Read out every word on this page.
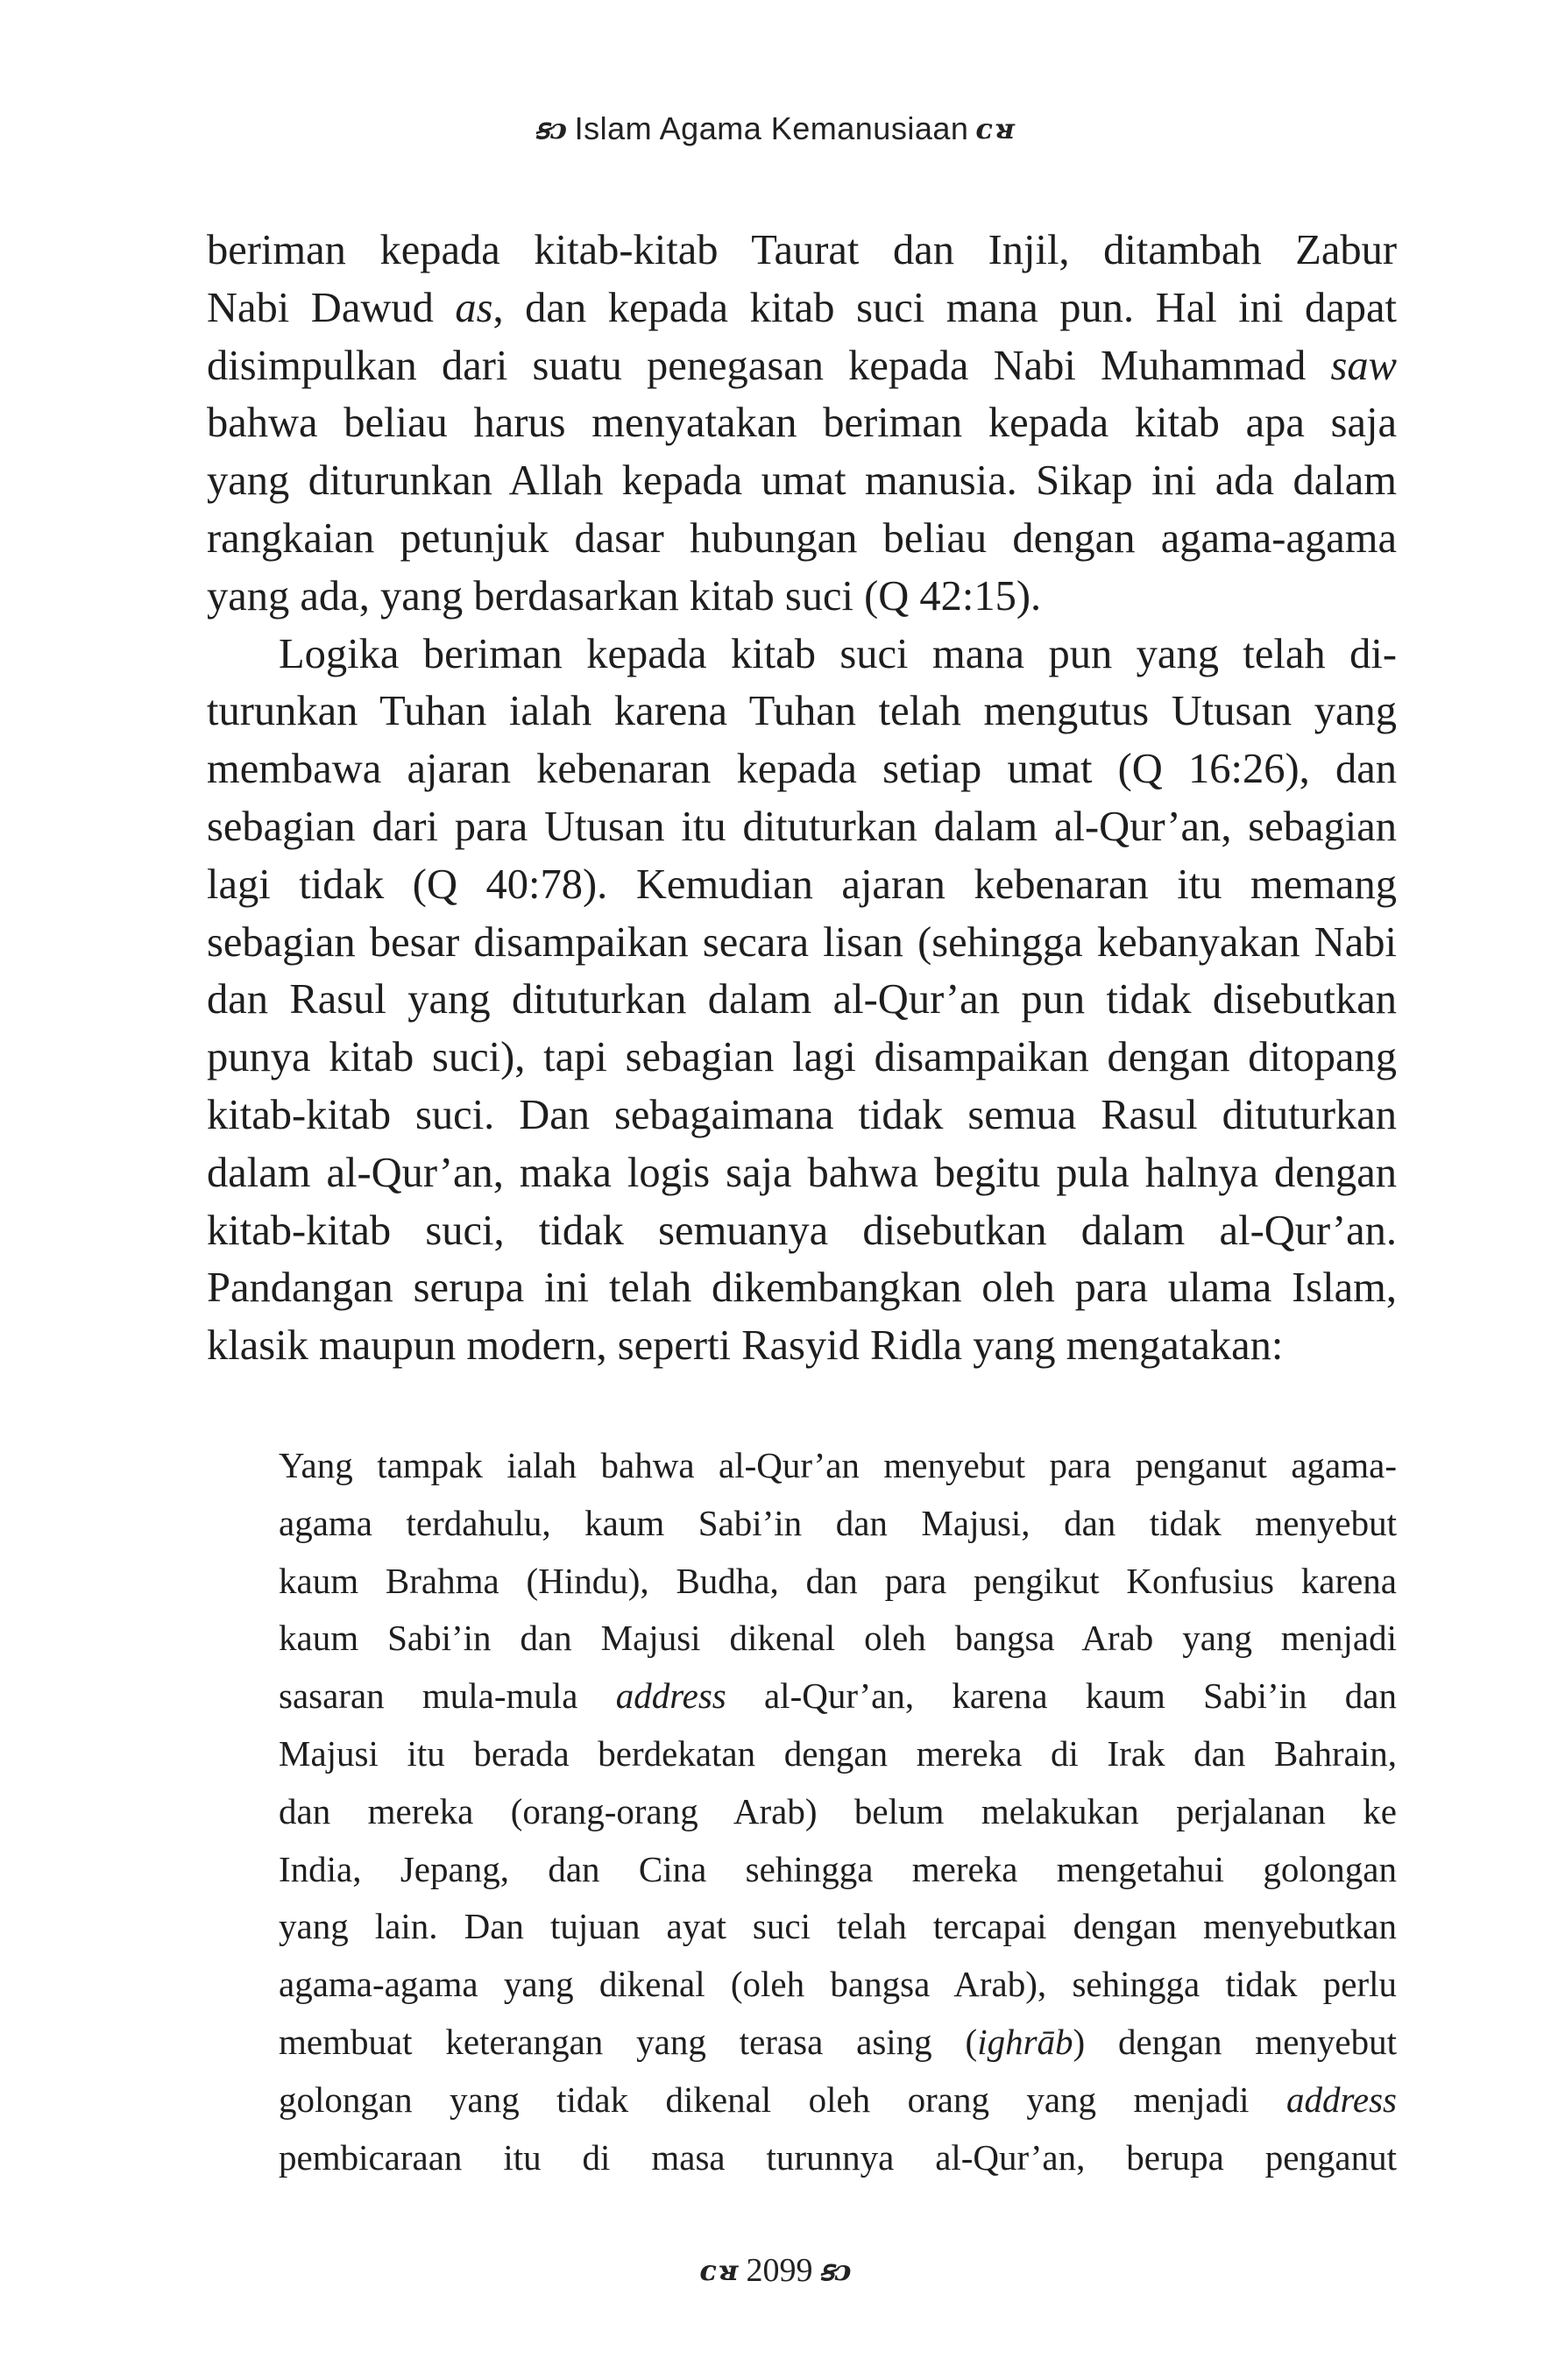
ꞩɔ Islam Agama Kemanusiaan ᴄᴚ
beriman kepada kitab-kitab Taurat dan Injil, ditambah Zabur
Nabi Dawud as, dan kepada kitab suci mana pun. Hal ini dapat
disimpulkan dari suatu penegasan kepada Nabi Muhammad saw
bahwa beliau harus menyatakan beriman kepada kitab apa saja
yang diturunkan Allah kepada umat manusia. Sikap ini ada dalam
rangkaian petunjuk dasar hubungan beliau dengan agama-agama
yang ada, yang berdasarkan kitab suci (Q 42:15).
Logika beriman kepada kitab suci mana pun yang telah di-
turunkan Tuhan ialah karena Tuhan telah mengutus Utusan yang
membawa ajaran kebenaran kepada setiap umat (Q 16:26), dan
sebagian dari para Utusan itu dituturkan dalam al-Qur’an, sebagian
lagi tidak (Q 40:78). Kemudian ajaran kebenaran itu memang
sebagian besar disampaikan secara lisan (sehingga kebanyakan Nabi
dan Rasul yang dituturkan dalam al-Qur’an pun tidak disebutkan
punya kitab suci), tapi sebagian lagi disampaikan dengan ditopang
kitab-kitab suci. Dan sebagaimana tidak semua Rasul dituturkan
dalam al-Qur’an, maka logis saja bahwa begitu pula halnya dengan
kitab-kitab suci, tidak semuanya disebutkan dalam al-Qur’an.
Pandangan serupa ini telah dikembangkan oleh para ulama Islam,
klasik maupun modern, seperti Rasyid Ridla yang mengatakan:
Yang tampak ialah bahwa al-Qur’an menyebut para penganut agama-
agama terdahulu, kaum Sabi’in dan Majusi, dan tidak menyebut
kaum Brahma (Hindu), Budha, dan para pengikut Konfusius karena
kaum Sabi’in dan Majusi dikenal oleh bangsa Arab yang menjadi
sasaran mula-mula address al-Qur’an, karena kaum Sabi’in dan
Majusi itu berada berdekatan dengan mereka di Irak dan Bahrain,
dan mereka (orang-orang Arab) belum melakukan perjalanan ke
India, Jepang, dan Cina sehingga mereka mengetahui golongan
yang lain. Dan tujuan ayat suci telah tercapai dengan menyebutkan
agama-agama yang dikenal (oleh bangsa Arab), sehingga tidak perlu
membuat keterangan yang terasa asing (ighrāb) dengan menyebut
golongan yang tidak dikenal oleh orang yang menjadi address
pembicaraan itu di masa turunnya al-Qur’an, berupa penganut
ᴄᴚ 2099 ꞩɔ
